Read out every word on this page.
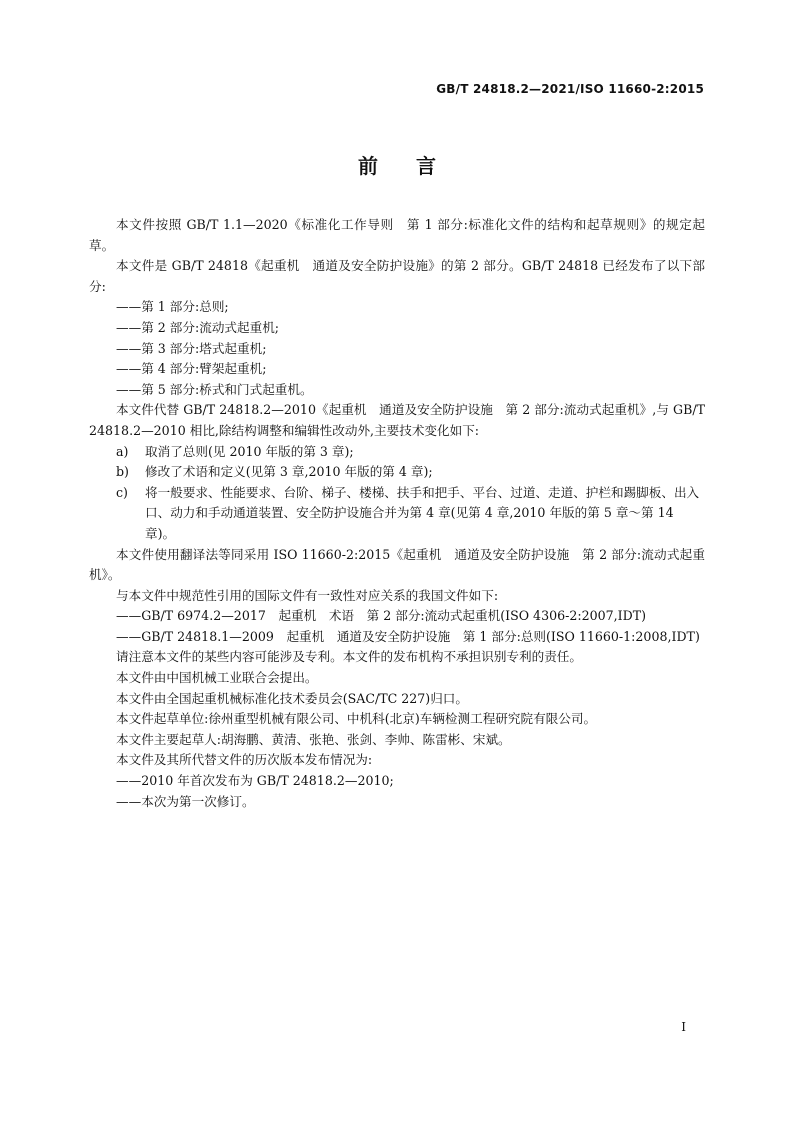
GB/T 24818.2—2021/ISO 11660-2:2015
前言

本文件按照 GB/T 1.1—2020《标准化工作导则　第 1 部分:标准化文件的结构和起草规则》的规定起草。

本文件是 GB/T 24818《起重机　通道及安全防护设施》的第 2 部分。GB/T 24818 已经发布了以下部分:

——第 1 部分:总则;

——第 2 部分:流动式起重机;

——第 3 部分:塔式起重机;

——第 4 部分:臂架起重机;

——第 5 部分:桥式和门式起重机。

本文件代替 GB/T 24818.2—2010《起重机　通道及安全防护设施　第 2 部分:流动式起重机》,与 GB/T 24818.2—2010 相比,除结构调整和编辑性改动外,主要技术变化如下:

a)	取消了总则(见 2010 年版的第 3 章);
b)	修改了术语和定义(见第 3 章,2010 年版的第 4 章);
c)	将一般要求、性能要求、台阶、梯子、楼梯、扶手和把手、平台、过道、走道、护栏和踢脚板、出入口、动力和手动通道装置、安全防护设施合并为第 4 章(见第 4 章,2010 年版的第 5 章～第 14 章)。

本文件使用翻译法等同采用 ISO 11660-2:2015《起重机　通道及安全防护设施　第 2 部分:流动式起重机》。

与本文件中规范性引用的国际文件有一致性对应关系的我国文件如下:

——GB/T 6974.2—2017　起重机　术语　第 2 部分:流动式起重机(ISO 4306-2:2007,IDT)

——GB/T 24818.1—2009　起重机　通道及安全防护设施　第 1 部分:总则(ISO 11660-1:2008,IDT)

请注意本文件的某些内容可能涉及专利。本文件的发布机构不承担识别专利的责任。

本文件由中国机械工业联合会提出。

本文件由全国起重机械标准化技术委员会(SAC/TC 227)归口。

本文件起草单位:徐州重型机械有限公司、中机科(北京)车辆检测工程研究院有限公司。

本文件主要起草人:胡海鹏、黄清、张艳、张剑、李帅、陈雷彬、宋斌。

本文件及其所代替文件的历次版本发布情况为:

——2010 年首次发布为 GB/T 24818.2—2010;

——本次为第一次修订。

I
